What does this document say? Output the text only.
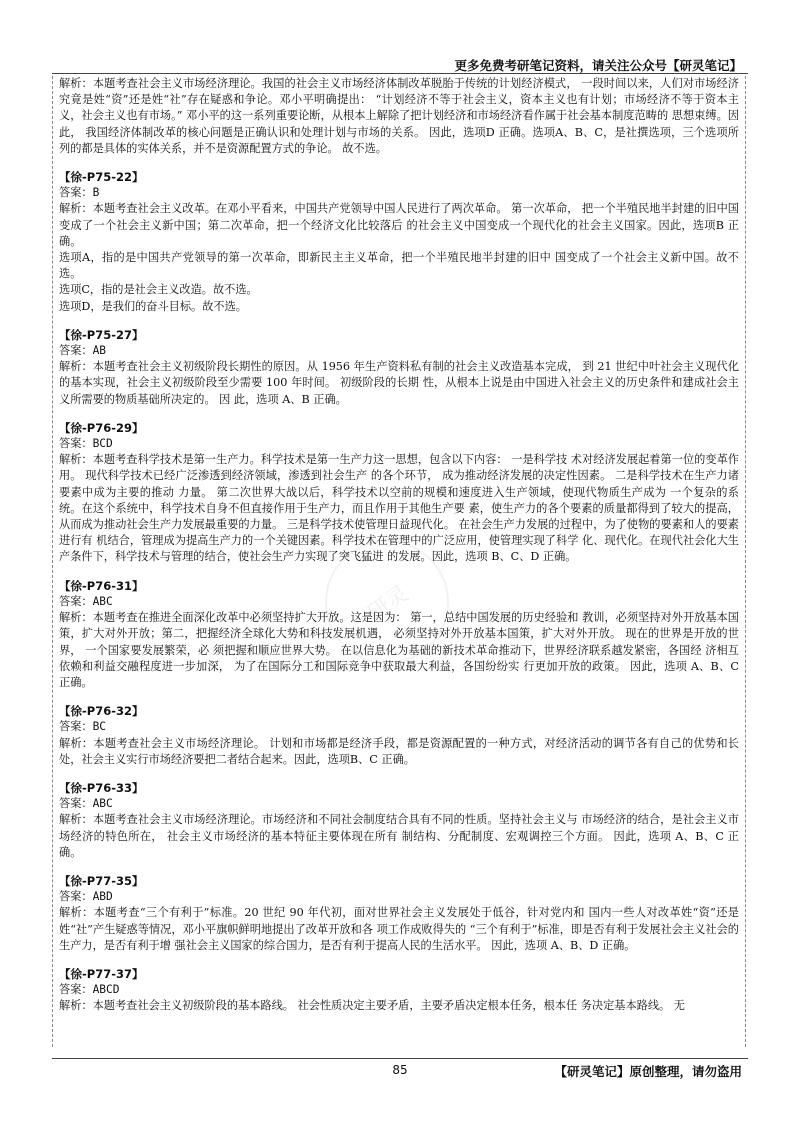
更多免费考研笔记资料，请关注公众号【研灵笔记】
研灵

解析：本题考查社会主义市场经济理论。我国的社会主义市场经济体制改革脱胎于传统的计划经济模式， 一段时间以来，人们对市场经济究竟是姓“资”还是姓“社”存在疑惑和争论。邓小平明确提出： “计划经济不等于社会主义，资本主义也有计划；市场经济不等于资本主义，社会主义也有市场。” 邓小平的这一系列重要论断，从根本上解除了把计划经济和市场经济看作属于社会基本制度范畴的 思想束缚。因此， 我国经济体制改革的核心问题是正确认识和处理计划与市场的关系。 因此，选项D 正确。选项A、B、C，是社撰选项，三个选项所列的都是具体的实体关系，并不是资源配置方式的争论。 故不选。

【徐-P75-22】

答案：B

解析：本题考查社会主义改革。在邓小平看来，中国共产党领导中国人民进行了两次革命。 第一次革命， 把一个半殖民地半封建的旧中国变成了一个社会主义新中国；第二次革命，把一个经济文化比较落后 的社会主义中国变成一个现代化的社会主义国家。因此，选项B 正确。

选项A，指的是中国共产党领导的第一次革命，即新民主主义革命，把一个半殖民地半封建的旧中 国变成了一个社会主义新中国。故不选。

选项C，指的是社会主义改造。故不选。

选项D，是我们的奋斗目标。故不选。

【徐-P75-27】

答案：AB

解析：本题考查社会主义初级阶段长期性的原因。从 1956 年生产资料私有制的社会主义改造基本完成， 到 21 世纪中叶社会主义现代化的基本实现，社会主义初级阶段至少需要 100 年时间。 初级阶段的长期 性，从根本上说是由中国进入社会主义的历史条件和建成社会主义所需要的物质基础所决定的。 因 此，选项 A、B 正确。

【徐-P76-29】

答案：BCD

解析：本题考查科学技术是第一生产力。科学技术是第一生产力这一思想，包含以下内容： 一是科学技 术对经济发展起着第一位的变革作用。 现代科学技术已经广泛渗透到经济领域，渗透到社会生产 的各个环节， 成为推动经济发展的决定性因素。 二是科学技术在生产力诸要素中成为主要的推动 力量。 第二次世界大战以后，科学技术以空前的规模和速度进入生产领域，使现代物质生产成为 一个复杂的系统。在这个系统中，科学技术自身不但直接作用于生产力，而且作用于其他生产要 素，使生产力的各个要素的质量都得到了较大的提高，从而成为推动社会生产力发展最重要的力量。 三是科学技术使管理日益现代化。 在社会生产力发展的过程中，为了使物的要素和人的要素进行有 机结合，管理成为提高生产力的一个关键因素。科学技术在管理中的广泛应用，使管理实现了科学 化、现代化。在现代社会化大生产条件下，科学技术与管理的结合，使社会生产力实现了突飞猛进 的发展。因此，选项 B、C、D 正确。

【徐-P76-31】

答案：ABC

解析：本题考查在推进全面深化改革中必须坚持扩大开放。这是因为： 第一，总结中国发展的历史经验和 教训，必须坚持对外开放基本国策，扩大对外开放；第二，把握经济全球化大势和科技发展机遇， 必须坚持对外开放基本国策，扩大对外开放。 现在的世界是开放的世界， 一个国家要发展繁荣，必 须把握和顺应世界大势。 在以信息化为基础的新技术革命推动下，世界经济联系越发紧密，各国经 济相互依赖和利益交融程度进一步加深， 为了在国际分工和国际竞争中获取最大利益，各国纷纷实 行更加开放的政策。 因此，选项 A、B、C 正确。

【徐-P76-32】

答案：BC

解析：本题考查社会主义市场经济理论。 计划和市场都是经济手段，都是资源配置的一种方式，对经济活动的调节各有自己的优势和长处，社会主义实行市场经济要把二者结合起来。因此，选项B、C 正确。

【徐-P76-33】

答案：ABC

解析：本题考查社会主义市场经济理论。市场经济和不同社会制度结合具有不同的性质。坚持社会主义与 市场经济的结合，是社会主义市场经济的特色所在， 社会主义市场经济的基本特征主要体现在所有 制结构、分配制度、宏观调控三个方面。 因此，选项 A、B、C 正确。

【徐-P77-35】

答案：ABD

解析：本题考查“三个有利于”标准。20 世纪 90 年代初，面对世界社会主义发展处于低谷，针对党内和 国内一些人对改革姓“资”还是姓“社”产生疑惑等情况，邓小平旗帜鲜明地提出了改革开放和各 项工作成败得失的 “三个有利于”标准，即是否有利于发展社会主义社会的生产力，是否有利于增 强社会主义国家的综合国力，是否有利于提高人民的生活水平。 因此，选项 A、B、D 正确。

【徐-P77-37】

答案：ABCD

解析：本题考查社会主义初级阶段的基本路线。 社会性质决定主要矛盾，主要矛盾决定根本任务，根本任 务决定基本路线。 无

85	【研灵笔记】原创整理，请勿盗用
